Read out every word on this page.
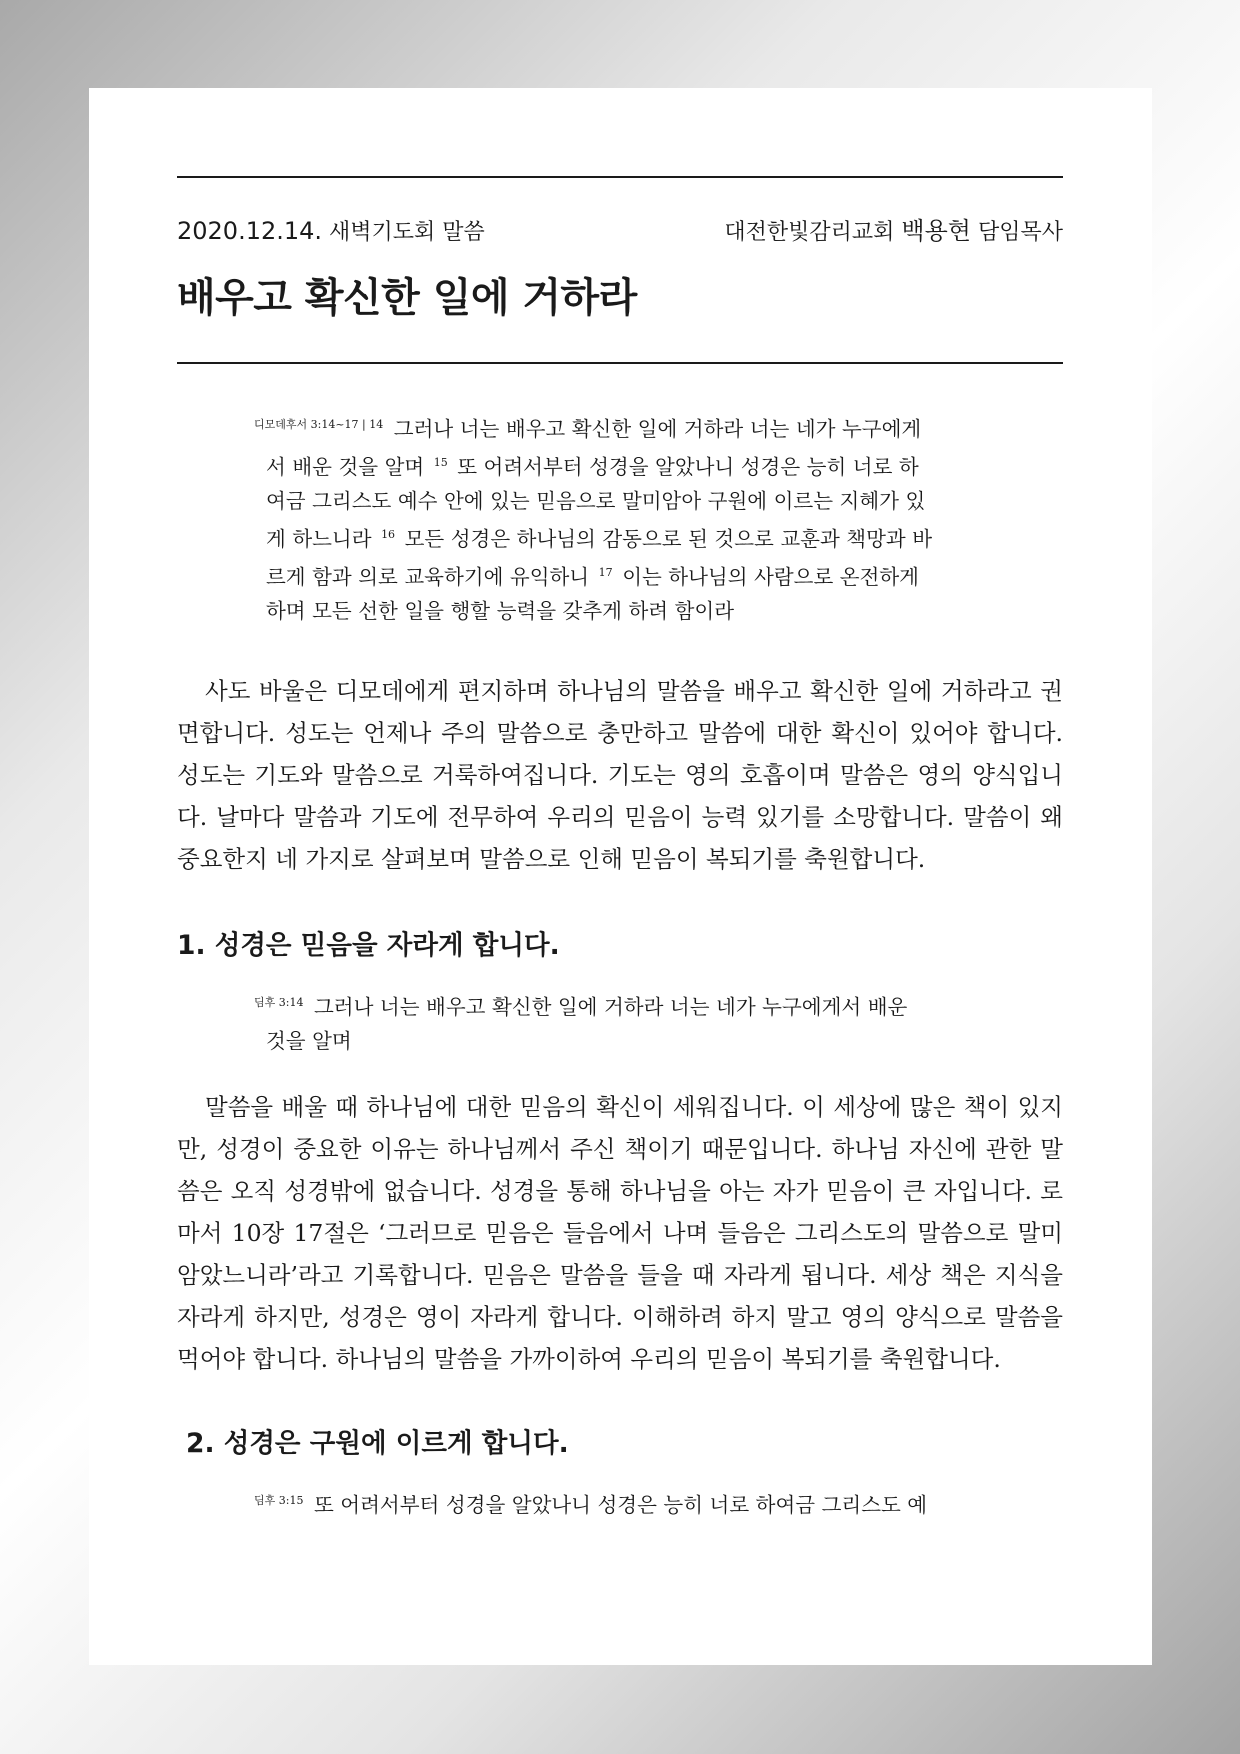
2020.12.14. 새벽기도회 말씀	대전한빛감리교회 백용현 담임목사
배우고 확신한 일에 거하라
$^{디모데후서 3:14\sim 17 | 14}$ 그러나 너는 배우고 확신한 일에 거하라 너는 네가 누구에게
서 배운 것을 알며 $^{15}$ 또 어려서부터 성경을 알았나니 성경은 능히 너로 하
여금 그리스도 예수 안에 있는 믿음으로 말미암아 구원에 이르는 지혜가 있
게 하느니라 $^{16}$ 모든 성경은 하나님의 감동으로 된 것으로 교훈과 책망과 바
르게 함과 의로 교육하기에 유익하니 $^{17}$ 이는 하나님의 사람으로 온전하게
하며 모든 선한 일을 행할 능력을 갖추게 하려 함이라

사도 바울은 디모데에게 편지하며 하나님의 말씀을 배우고 확신한 일에 거하라고 권면합니다. 성도는 언제나 주의 말씀으로 충만하고 말씀에 대한 확신이 있어야 합니다. 성도는 기도와 말씀으로 거룩하여집니다. 기도는 영의 호흡이며 말씀은 영의 양식입니다. 날마다 말씀과 기도에 전무하여 우리의 믿음이 능력 있기를 소망합니다. 말씀이 왜 중요한지 네 가지로 살펴보며 말씀으로 인해 믿음이 복되기를 축원합니다.

1. 성경은 믿음을 자라게 합니다.
$^{딤후 3:14}$ 그러나 너는 배우고 확신한 일에 거하라 너는 네가 누구에게서 배운
것을 알며

말씀을 배울 때 하나님에 대한 믿음의 확신이 세워집니다. 이 세상에 많은 책이 있지만, 성경이 중요한 이유는 하나님께서 주신 책이기 때문입니다. 하나님 자신에 관한 말씀은 오직 성경밖에 없습니다. 성경을 통해 하나님을 아는 자가 믿음이 큰 자입니다. 로마서 10장 17절은 ‘그러므로 믿음은 들음에서 나며 들음은 그리스도의 말씀으로 말미암았느니라’라고 기록합니다. 믿음은 말씀을 들을 때 자라게 됩니다. 세상 책은 지식을 자라게 하지만, 성경은 영이 자라게 합니다. 이해하려 하지 말고 영의 양식으로 말씀을 먹어야 합니다. 하나님의 말씀을 가까이하여 우리의 믿음이 복되기를 축원합니다.

2. 성경은 구원에 이르게 합니다.
$^{딤후 3:15}$ 또 어려서부터 성경을 알았나니 성경은 능히 너로 하여금 그리스도 예
